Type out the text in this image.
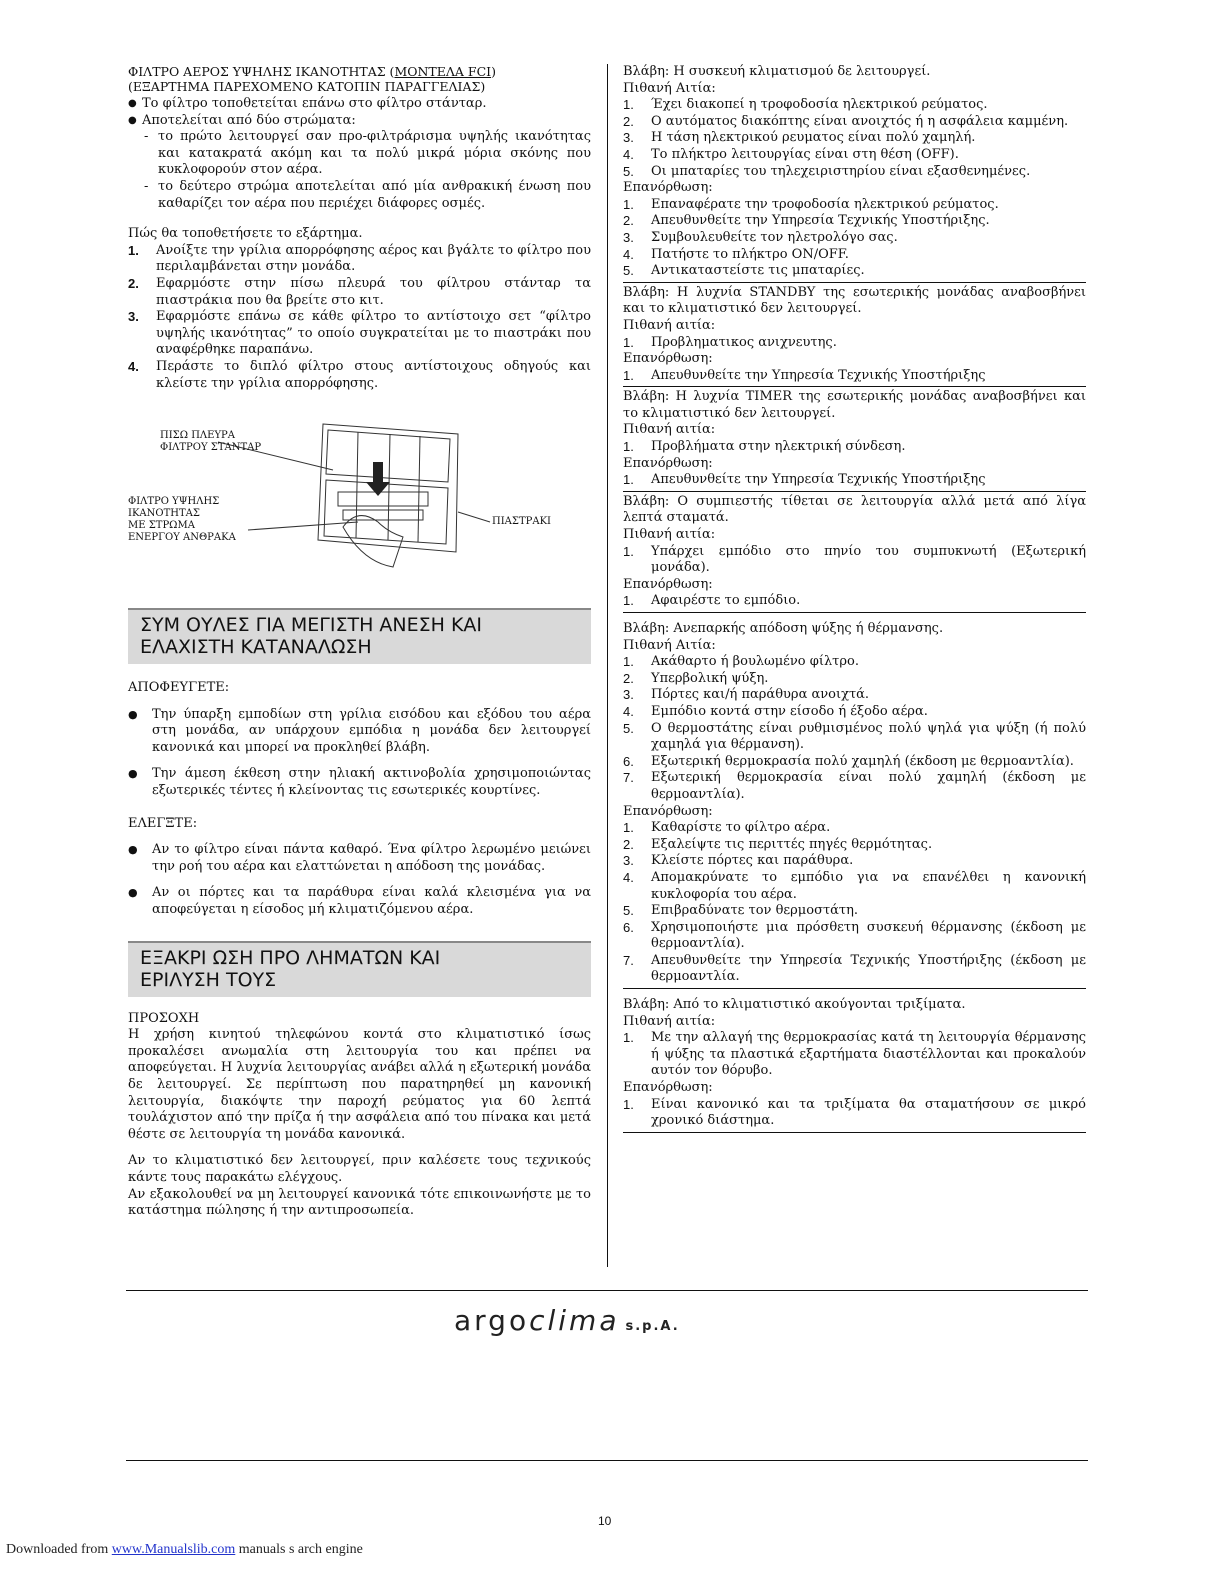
ΦΙΛΤΡΟ ΑΕΡΟΣ ΥΨΗΛΗΣ ΙΚΑΝΟΤΗΤΑΣ (ΜΟΝΤΕΛΑ FCI)
(ΕΞΑΡΤΗΜΑ ΠΑΡΕΧΟΜΕΝΟ ΚΑΤΟΠΙΝ ΠΑΡΑΓΓΕΛΙΑΣ)

● Το φίλτρο τοποθετείται επάνω στο φίλτρο στάνταρ.
● Αποτελείται από δύο στρώματα:
- το πρώτο λειτουργεί σαν προ-φιλτράρισμα υψηλής ικανότητας και κατακρατά ακόμη και τα πολύ μικρά μόρια σκόνης που κυκλοφορούν στον αέρα.
- το δεύτερο στρώμα αποτελείται από μία ανθρακική ένωση που καθαρίζει τον αέρα που περιέχει διάφορες οσμές.

Πώς θα τοποθετήσετε το εξάρτημα.

1. Ανοίξτε την γρίλια απορρόφησης αέρος και βγάλτε το φίλτρο που περιλαμβάνεται στην μονάδα.
2. Εφαρμόστε στην πίσω πλευρά του φίλτρου στάνταρ τα πιαστράκια που θα βρείτε στο κιτ.
3. Εφαρμόστε επάνω σε κάθε φίλτρο το αντίστοιχο σετ “φίλτρο υψηλής ικανότητας” το οποίο συγκρατείται με το πιαστράκι που αναφέρθηκε παραπάνω.
4. Περάστε το διπλό φίλτρο στους αντίστοιχους οδηγούς και κλείστε την γρίλια απορρόφησης.
ΠΙΣΩ ΠΛΕΥΡΑ
ΦΙΛΤΡΟΥ ΣΤΑΝΤΑΡ
ΦΙΛΤΡΟ ΥΨΗΛΗΣ
ΙΚΑΝΟΤΗΤΑΣ
ΜΕ ΣΤΡΩΜΑ
ΕΝΕΡΓΟΥ ΑΝΘΡΑΚΑ
ΠΙΑΣΤΡΑΚΙ
ΣΥΜ ΟΥΛΕΣ ΓΙΑ ΜΕΓΙΣΤΗ ΑΝΕΣΗ ΚΑΙ
ΕΛΑΧΙΣΤΗ ΚΑΤΑΝΑΛΩΣΗ

ΑΠΟΦΕΥΓΕΤΕ:

● Την ύπαρξη εμποδίων στη γρίλια εισόδου και εξόδου του αέρα στη μονάδα, αν υπάρχουν εμπόδια η μονάδα δεν λειτουργεί κανονικά και μπορεί να προκληθεί βλάβη.
● Την άμεση έκθεση στην ηλιακή ακτινοβολία χρησιμοποιώντας εξωτερικές τέντες ή κλείνοντας τις εσωτερικές κουρτίνες.

ΕΛΕΓΞΤΕ:

● Αν το φίλτρο είναι πάντα καθαρό. Ένα φίλτρο λερωμένο μειώνει την ροή του αέρα και ελαττώνεται η απόδοση της μονάδας.
● Αν οι πόρτες και τα παράθυρα είναι καλά κλεισμένα για να αποφεύγεται η είσοδος μή κλιματιζόμενου αέρα.
ΕΞΑΚΡΙ ΩΣΗ ΠΡΟ ΛΗΜΑΤΩΝ ΚΑΙ
ΕΡΙΛΥΣΗ ΤΟΥΣ

ΠΡΟΣΟΧΗ

Η χρήση κινητού τηλεφώνου κοντά στο κλιματιστικό ίσως προκαλέσει ανωμαλία στη λειτουργία του και πρέπει να αποφεύγεται. Η λυχνία λειτουργίας ανάβει αλλά η εξωτερική μονάδα δε λειτουργεί. Σε περίπτωση που παρατηρηθεί μη κανονική λειτουργία, διακόψτε την παροχή ρεύματος για 60 λεπτά τουλάχιστον από την πρίζα ή την ασφάλεια από του πίνακα και μετά θέστε σε λειτουργία τη μονάδα κανονικά.

Αν το κλιματιστικό δεν λειτουργεί, πριν καλέσετε τους τεχνικούς κάντε τους παρακάτω ελέγχους.

Αν εξακολουθεί να μη λειτουργεί κανονικά τότε επικοινωνήστε με το κατάστημα πώλησης ή την αντιπροσωπεία.

Βλάβη: Η συσκευή κλιματισμού δε λειτουργεί.

Πιθανή Αιτία:

1. Έχει διακοπεί η τροφοδοσία ηλεκτρικού ρεύματος.
2. Ο αυτόματος διακόπτης είναι ανοιχτός ή η ασφάλεια καμμένη.
3. Η τάση ηλεκτρικού ρευματος είναι πολύ χαμηλή.
4. Το πλήκτρο λειτουργίας είναι στη θέση (OFF).
5. Οι μπαταρίες του τηλεχειριστηρίου είναι εξασθενημένες.

Επανόρθωση:

1. Επαναφέρατε την τροφοδοσία ηλεκτρικού ρεύματος.
2. Απευθυνθείτε την Υπηρεσία Τεχνικής Υποστήριξης.
3. Συμβουλευθείτε τον ηλετρολόγο σας.
4. Πατήστε το πλήκτρο ON/OFF.
5. Αντικαταστείστε τις μπαταρίες.

Βλάβη: Η λυχνία STANDBY της εσωτερικής μονάδας αναβοσβήνει και το κλιματιστικό δεν λειτουργεί.

Πιθανή αιτία:

1. Προβληματικος ανιχνευτης.

Επανόρθωση:

1. Απευθυνθείτε την Υπηρεσία Τεχνικής Υποστήριξης

Βλάβη: Η λυχνία TIMER της εσωτερικής μονάδας αναβοσβήνει και το κλιματιστικό δεν λειτουργεί.

Πιθανή αιτία:

1. Προβλήματα στην ηλεκτρική σύνδεση.

Επανόρθωση:

1. Απευθυνθείτε την Υπηρεσία Τεχνικής Υποστήριξης

Βλάβη: Ο συμπιεστής τίθεται σε λειτουργία αλλά μετά από λίγα λεπτά σταματά.

Πιθανή αιτία:

1. Υπάρχει εμπόδιο στο πηνίο του συμπυκνωτή (Εξωτερική μονάδα).

Επανόρθωση:

1. Αφαιρέστε το εμπόδιο.

Βλάβη: Ανεπαρκής απόδοση ψύξης ή θέρμανσης.

Πιθανή Αιτία:

1. Ακάθαρτο ή βουλωμένο φίλτρο.
2. Υπερβολική ψύξη.
3. Πόρτες και/ή παράθυρα ανοιχτά.
4. Εμπόδιο κοντά στην είσοδο ή έξοδο αέρα.
5. Ο θερμοστάτης είναι ρυθμισμένος πολύ ψηλά για ψύξη (ή πολύ χαμηλά για θέρμανση).
6. Εξωτερική θερμοκρασία πολύ χαμηλή (έκδοση με θερμοαντλία).
7. Εξωτερική θερμοκρασία είναι πολύ χαμηλή (έκδοση με θερμοαντλία).

Επανόρθωση:

1. Καθαρίστε το φίλτρο αέρα.
2. Εξαλείψτε τις περιττές πηγές θερμότητας.
3. Κλείστε πόρτες και παράθυρα.
4. Απομακρύνατε το εμπόδιο για να επανέλθει η κανονική κυκλοφορία του αέρα.
5. Επιβραδύνατε τον θερμοστάτη.
6. Χρησιμοποιήστε μια πρόσθετη συσκευή θέρμανσης (έκδοση με θερμοαντλία).
7. Απευθυνθείτε την Υπηρεσία Τεχνικής Υποστήριξης (έκδοση με θερμοαντλία.

Βλάβη: Από το κλιματιστικό ακούγονται τριξίματα.

Πιθανή αιτία:

1. Με την αλλαγή της θερμοκρασίας κατά τη λειτουργία θέρμανσης ή ψύξης τα πλαστικά εξαρτήματα διαστέλλονται και προκαλούν αυτόν τον θόρυβο.

Επανόρθωση:

1. Είναι κανονικό και τα τριξίματα θα σταματήσουν σε μικρό χρονικό διάστημα.
argoclima s.p.A.
10
Downloaded from www.Manualslib.com manuals s arch engine
